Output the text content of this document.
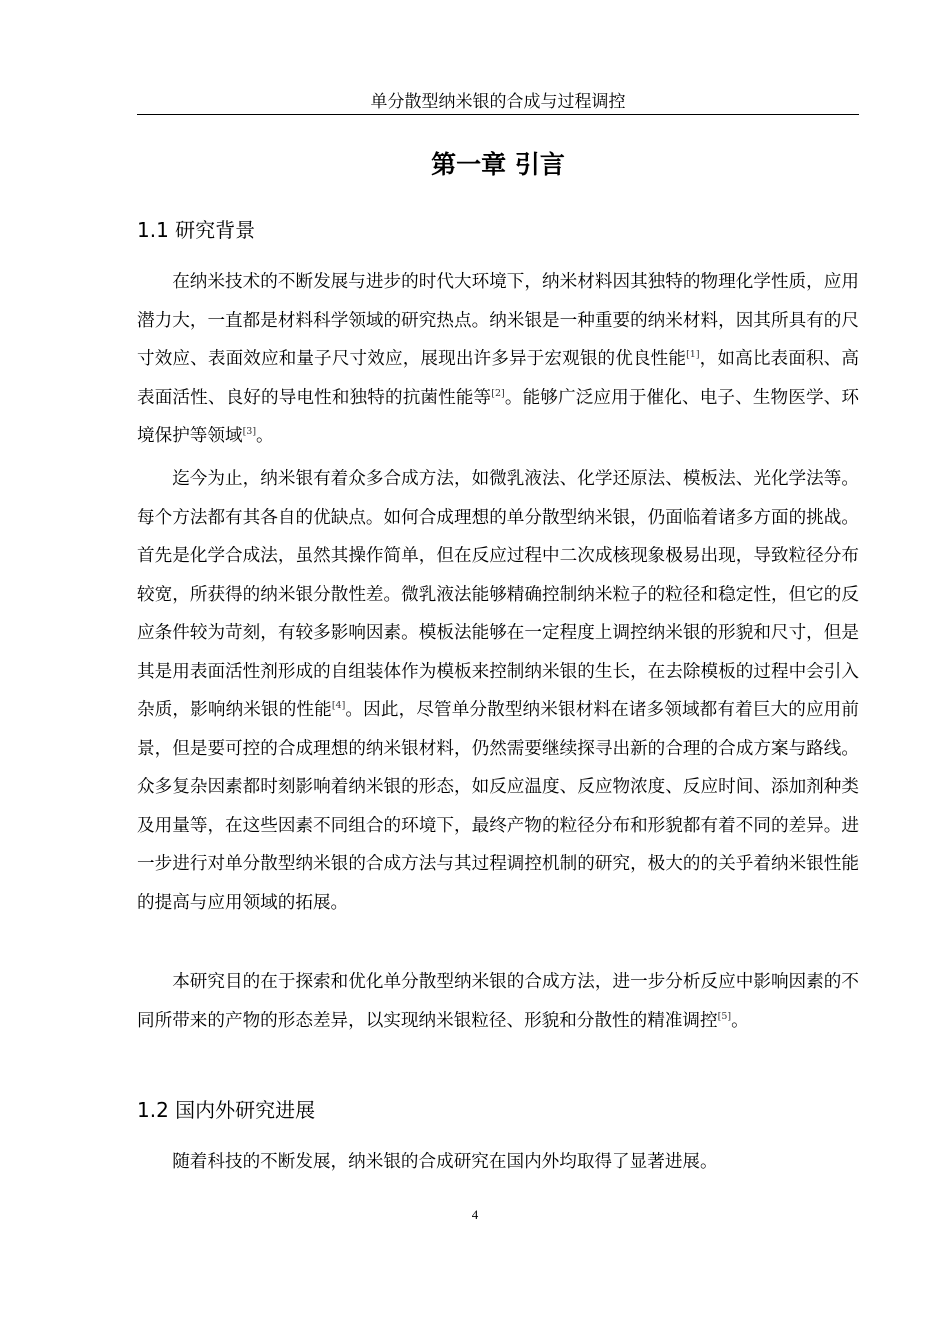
单分散型纳米银的合成与过程调控
第一章 引言
1.1 研究背景

在纳米技术的不断发展与进步的时代大环境下，纳米材料因其独特的物理化学性质，应用潜力大，一直都是材料科学领域的研究热点。纳米银是一种重要的纳米材料，因其所具有的尺寸效应、表面效应和量子尺寸效应，展现出许多异于宏观银的优良性能[1]，如高比表面积、高表面活性、良好的导电性和独特的抗菌性能等[2]。能够广泛应用于催化、电子、生物医学、环境保护等领域[3]。

迄今为止，纳米银有着众多合成方法，如微乳液法、化学还原法、模板法、光化学法等。每个方法都有其各自的优缺点。如何合成理想的单分散型纳米银，仍面临着诸多方面的挑战。首先是化学合成法，虽然其操作简单，但在反应过程中二次成核现象极易出现，导致粒径分布较宽，所获得的纳米银分散性差。微乳液法能够精确控制纳米粒子的粒径和稳定性，但它的反应条件较为苛刻，有较多影响因素。模板法能够在一定程度上调控纳米银的形貌和尺寸，但是其是用表面活性剂形成的自组装体作为模板来控制纳米银的生长，在去除模板的过程中会引入杂质，影响纳米银的性能[4]。因此，尽管单分散型纳米银材料在诸多领域都有着巨大的应用前景，但是要可控的合成理想的纳米银材料，仍然需要继续探寻出新的合理的合成方案与路线。众多复杂因素都时刻影响着纳米银的形态，如反应温度、反应物浓度、反应时间、添加剂种类及用量等，在这些因素不同组合的环境下，最终产物的粒径分布和形貌都有着不同的差异。进一步进行对单分散型纳米银的合成方法与其过程调控机制的研究，极大的的关乎着纳米银性能的提高与应用领域的拓展。

本研究目的在于探索和优化单分散型纳米银的合成方法，进一步分析反应中影响因素的不同所带来的产物的形态差异，以实现纳米银粒径、形貌和分散性的精准调控[5]。

1.2 国内外研究进展

随着科技的不断发展，纳米银的合成研究在国内外均取得了显著进展。

4
